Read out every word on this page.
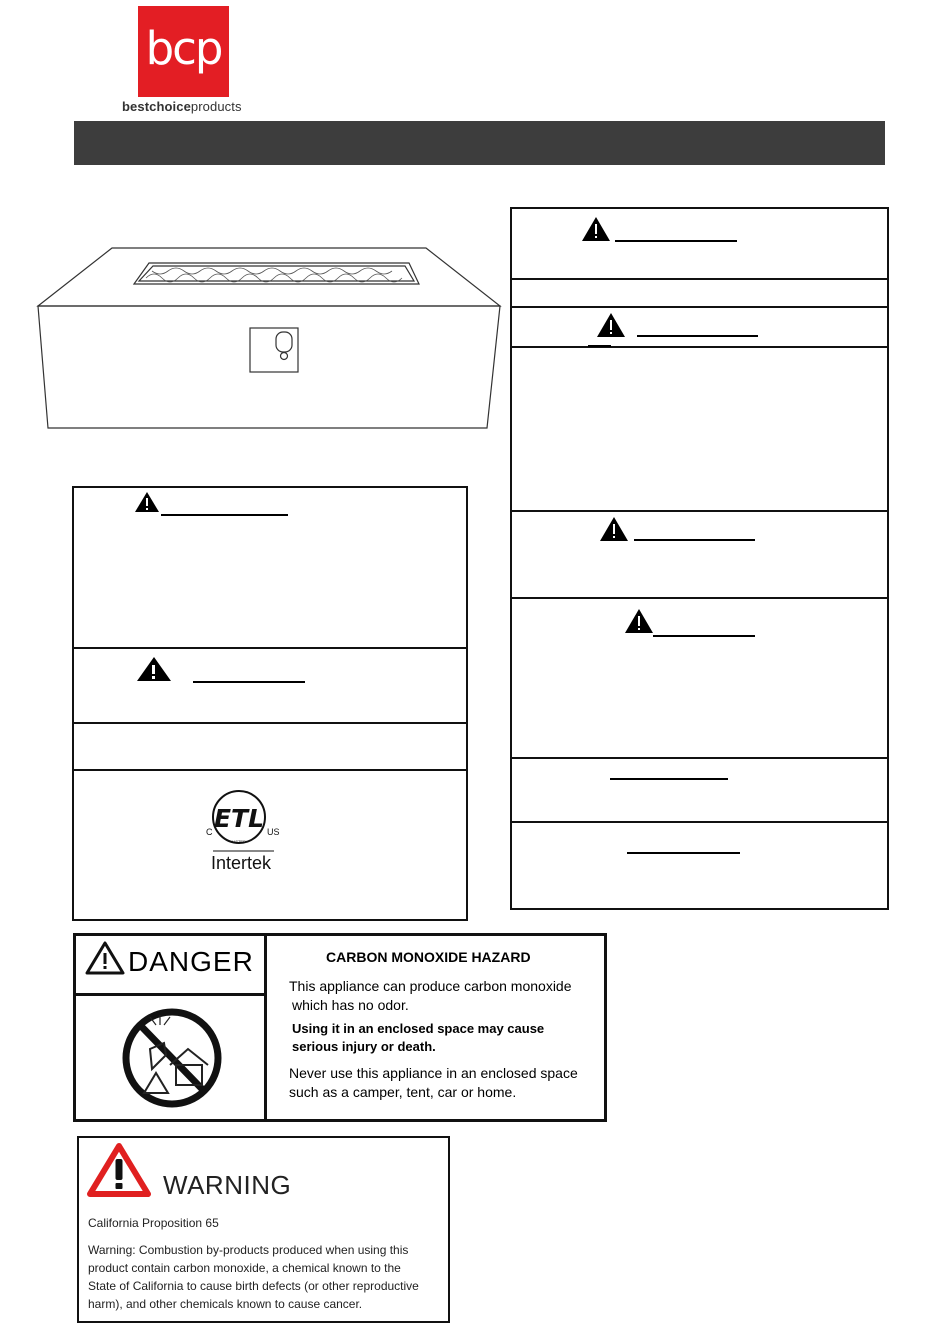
bcp
bestchoiceproducts
ETL
C	US
LISTED
Intertek
DANGER	CARBON MONOXIDE HAZARD
This appliance can produce carbon monoxide
which has no odor.
Using it in an enclosed space may cause
serious injury or death.
Never use this appliance in an enclosed space
such as a camper, tent, car or home.
WARNING
California Proposition 65
Warning: Combustion by-products produced when using this
product contain carbon monoxide, a chemical known to the
State of California to cause birth defects (or other reproductive
harm), and other chemicals known to cause cancer.
